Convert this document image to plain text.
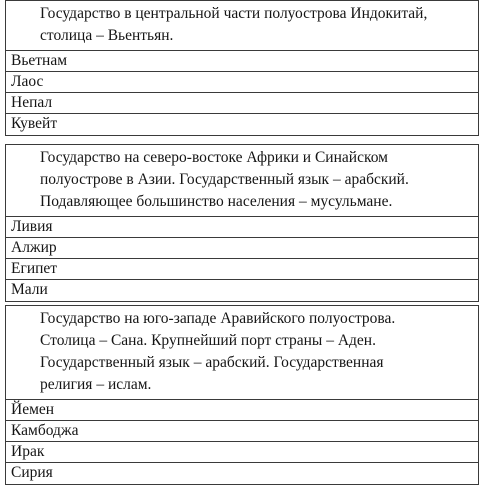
Государство в центральной части полуострова Индокитай,
столица – Вьентьян.
Вьетнам
Лаос
Непал
Кувейт
Государство на северо-востоке Африки и Синайском
полуострове в Азии. Государственный язык – арабский.
Подавляющее большинство населения – мусульмане.
Ливия
Алжир
Египет
Мали
Государство на юго-западе Аравийского полуострова.
Столица – Сана. Крупнейший порт страны – Аден.
Государственный язык – арабский. Государственная
религия – ислам.
Йемен
Камбоджа
Ирак
Сирия
